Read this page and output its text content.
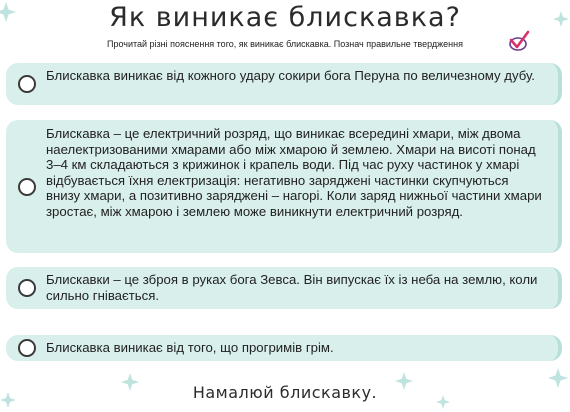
Як виникає блискавка?
Прочитай різні пояснення того, як виникає блискавка. Познач правильне твердження
Блискавка виникає від кожного удару сокири бога Перуна по величезному дубу.
Блискавка – це електричний розряд, що виникає всередині хмари, між двома наелектризованими хмарами або між хмарою й землею. Хмари на висоті понад 3–4 км складаються з крижинок і крапель води. Під час руху частинок у хмарі відбувається їхня електризація: негативно заряджені частинки скупчуються внизу хмари, а позитивно заряджені – нагорі. Коли заряд нижньої частини хмари зростає, між хмарою і землею може виникнути електричний розряд.
Блискавки – це зброя в руках бога Зевса. Він випускає їх із неба на землю, коли сильно гнівається.
Блискавка виникає від того, що прогримів грім.
Намалюй блискавку.
